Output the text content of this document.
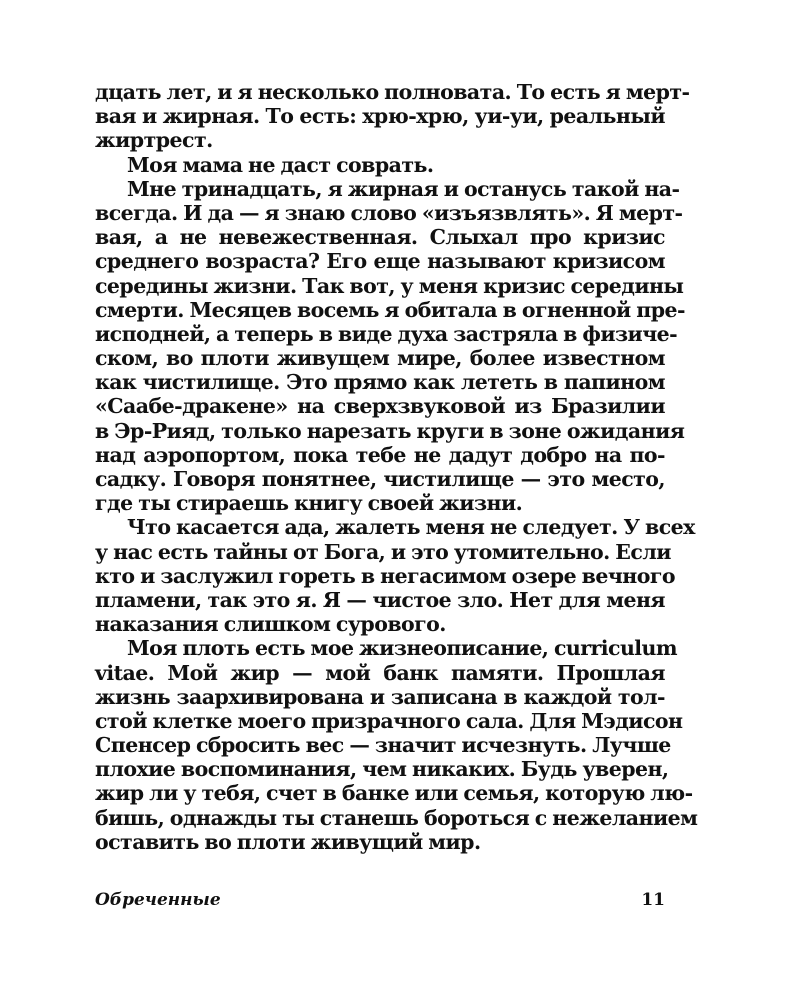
дцать лет, и я несколько полновата. То есть я мерт-
вая и жирная. То есть: хрю-хрю, уи-уи, реальный
жиртрест.
Моя мама не даст соврать.
Мне тринадцать, я жирная и останусь такой на-
всегда. И да — я знаю слово «изъязвлять». Я мерт-
вая, а не невежественная. Слыхал про кризис
среднего возраста? Его еще называют кризисом
середины жизни. Так вот, у меня кризис середины
смерти. Месяцев восемь я обитала в огненной пре-
исподней, а теперь в виде духа застряла в физиче-
ском, во плоти живущем мире, более известном
как чистилище. Это прямо как лететь в папином
«Саабе-дракене» на сверхзвуковой из Бразилии
в Эр-Рияд, только нарезать круги в зоне ожидания
над аэропортом, пока тебе не дадут добро на по-
садку. Говоря понятнее, чистилище — это место,
где ты стираешь книгу своей жизни.
Что касается ада, жалеть меня не следует. У всех
у нас есть тайны от Бога, и это утомительно. Если
кто и заслужил гореть в негасимом озере вечного
пламени, так это я. Я — чистое зло. Нет для меня
наказания слишком сурового.
Моя плоть есть мое жизнеописание, curriculum
vitae. Мой жир — мой банк памяти. Прошлая
жизнь заархивирована и записана в каждой тол-
стой клетке моего призрачного сала. Для Мэдисон
Спенсер сбросить вес — значит исчезнуть. Лучше
плохие воспоминания, чем никаких. Будь уверен,
жир ли у тебя, счет в банке или семья, которую лю-
бишь, однажды ты станешь бороться с нежеланием
оставить во плоти живущий мир.
Обреченные	11
